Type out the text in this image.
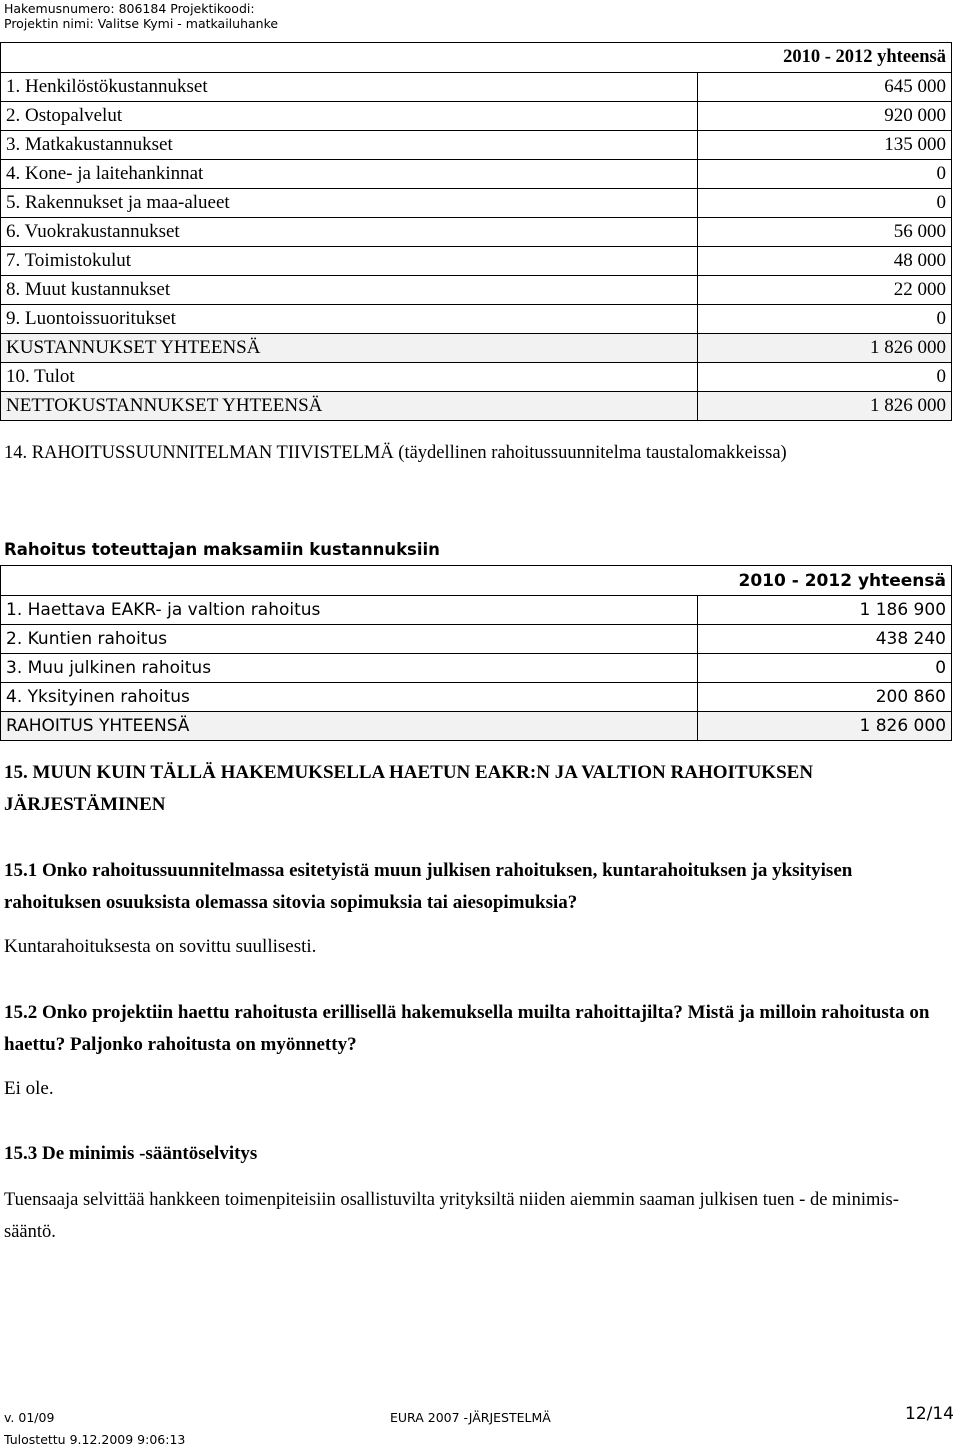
Hakemusnumero: 806184 Projektikoodi:
Projektin nimi: Valitse Kymi - matkailuhanke
2010 - 2012 yhteensä	
1. Henkilöstökustannukset	645 000
2. Ostopalvelut	920 000
3. Matkakustannukset	135 000
4. Kone- ja laitehankinnat	0
5. Rakennukset ja maa-alueet	0
6. Vuokrakustannukset	56 000
7. Toimistokulut	48 000
8. Muut kustannukset	22 000
9. Luontoissuoritukset	0
KUSTANNUKSET YHTEENSÄ	1 826 000
10. Tulot	0
NETTOKUSTANNUKSET YHTEENSÄ	1 826 000
14. RAHOITUSSUUNNITELMAN TIIVISTELMÄ (täydellinen rahoitussuunnitelma taustalomakkeissa)
Rahoitus toteuttajan maksamiin kustannuksiin
2010 - 2012 yhteensä	
1. Haettava EAKR- ja valtion rahoitus	1 186 900
2. Kuntien rahoitus	438 240
3. Muu julkinen rahoitus	0
4. Yksityinen rahoitus	200 860
RAHOITUS YHTEENSÄ	1 826 000
15. MUUN KUIN TÄLLÄ HAKEMUKSELLA HAETUN EAKR:N JA VALTION RAHOITUKSEN JÄRJESTÄMINEN
15.1 Onko rahoitussuunnitelmassa esitetyistä muun julkisen rahoituksen, kuntarahoituksen ja yksityisen rahoituksen osuuksista olemassa sitovia sopimuksia tai aiesopimuksia?
Kuntarahoituksesta on sovittu suullisesti.
15.2 Onko projektiin haettu rahoitusta erillisellä hakemuksella muilta rahoittajilta? Mistä ja milloin rahoitusta on haettu? Paljonko rahoitusta on myönnetty?
Ei ole.
15.3 De minimis -sääntöselvitys
Tuensaaja selvittää hankkeen toimenpiteisiin osallistuvilta yrityksiltä niiden aiemmin saaman julkisen tuen - de minimis-sääntö.
v. 01/09	EURA 2007 -JÄRJESTELMÄ	12/14
Tulostettu 9.12.2009 9:06:13
